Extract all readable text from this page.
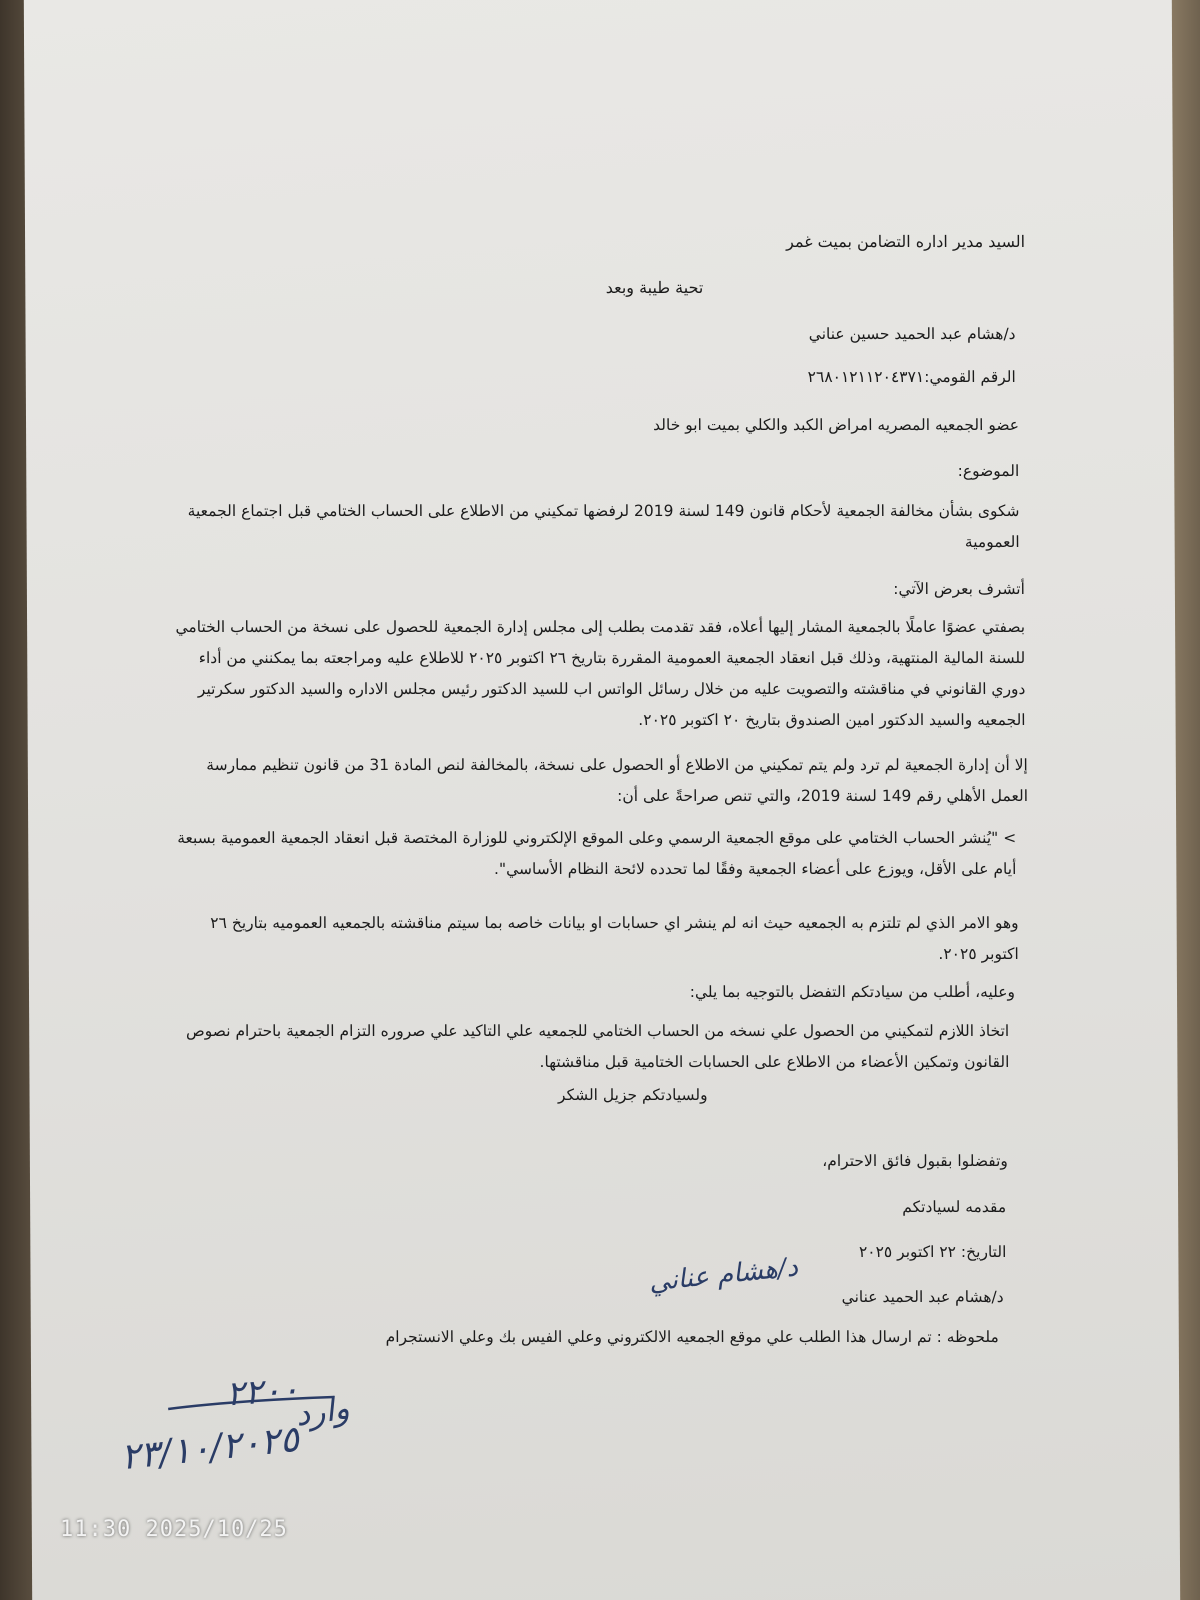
السيد مدير اداره التضامن بميت غمر
تحية طيبة وبعد
د/هشام عبد الحميد حسين عناني
الرقم القومي:٢٦٨٠١٢١١٢٠٤٣٧١
عضو الجمعيه المصريه امراض الكبد والكلي بميت ابو خالد
الموضوع:
شكوى بشأن مخالفة الجمعية لأحكام قانون 149 لسنة 2019 لرفضها تمكيني من الاطلاع على الحساب الختامي قبل اجتماع الجمعية العمومية
أتشرف بعرض الآتي:
بصفتي عضوًا عاملًا بالجمعية المشار إليها أعلاه، فقد تقدمت بطلب إلى مجلس إدارة الجمعية للحصول على نسخة من الحساب الختامي للسنة المالية المنتهية، وذلك قبل انعقاد الجمعية العمومية المقررة بتاريخ ٢٦ اكتوبر ٢٠٢٥ للاطلاع عليه ومراجعته بما يمكنني من أداء دوري القانوني في مناقشته والتصويت عليه من خلال رسائل الواتس اب للسيد الدكتور رئيس مجلس الاداره والسيد الدكتور سكرتير الجمعيه والسيد الدكتور امين الصندوق بتاريخ ٢٠ اكتوبر ٢٠٢٥.
إلا أن إدارة الجمعية لم ترد ولم يتم تمكيني من الاطلاع أو الحصول على نسخة، بالمخالفة لنص المادة 31 من قانون تنظيم ممارسة العمل الأهلي رقم 149 لسنة 2019، والتي تنص صراحةً على أن:
> "يُنشر الحساب الختامي على موقع الجمعية الرسمي وعلى الموقع الإلكتروني للوزارة المختصة قبل انعقاد الجمعية العمومية بسبعة أيام على الأقل، ويوزع على أعضاء الجمعية وفقًا لما تحدده لائحة النظام الأساسي".
وهو الامر الذي لم تلتزم به الجمعيه حيث انه لم ينشر اي حسابات او بيانات خاصه بما سيتم مناقشته بالجمعيه العموميه بتاريخ ٢٦ اكتوبر ٢٠٢٥.
وعليه، أطلب من سيادتكم التفضل بالتوجيه بما يلي:
اتخاذ اللازم لتمكيني من الحصول علي نسخه من الحساب الختامي للجمعيه علي التاكيد علي صروره التزام الجمعية باحترام نصوص القانون وتمكين الأعضاء من الاطلاع على الحسابات الختامية قبل مناقشتها.
ولسيادتكم جزيل الشكر
وتفضلوا بقبول فائق الاحترام،
مقدمه لسيادتكم
التاريخ: ٢٢ اكتوبر ٢٠٢٥
د/هشام عبد الحميد عناني
ملحوظه : تم ارسال هذا الطلب علي موقع الجمعيه الالكتروني وعلي الفيس بك وعلي الانستجرام
د/هشام عناني
وارد
٢٢٠٠
٢٣/١٠/٢٠٢٥
11:30 2025/10/25
